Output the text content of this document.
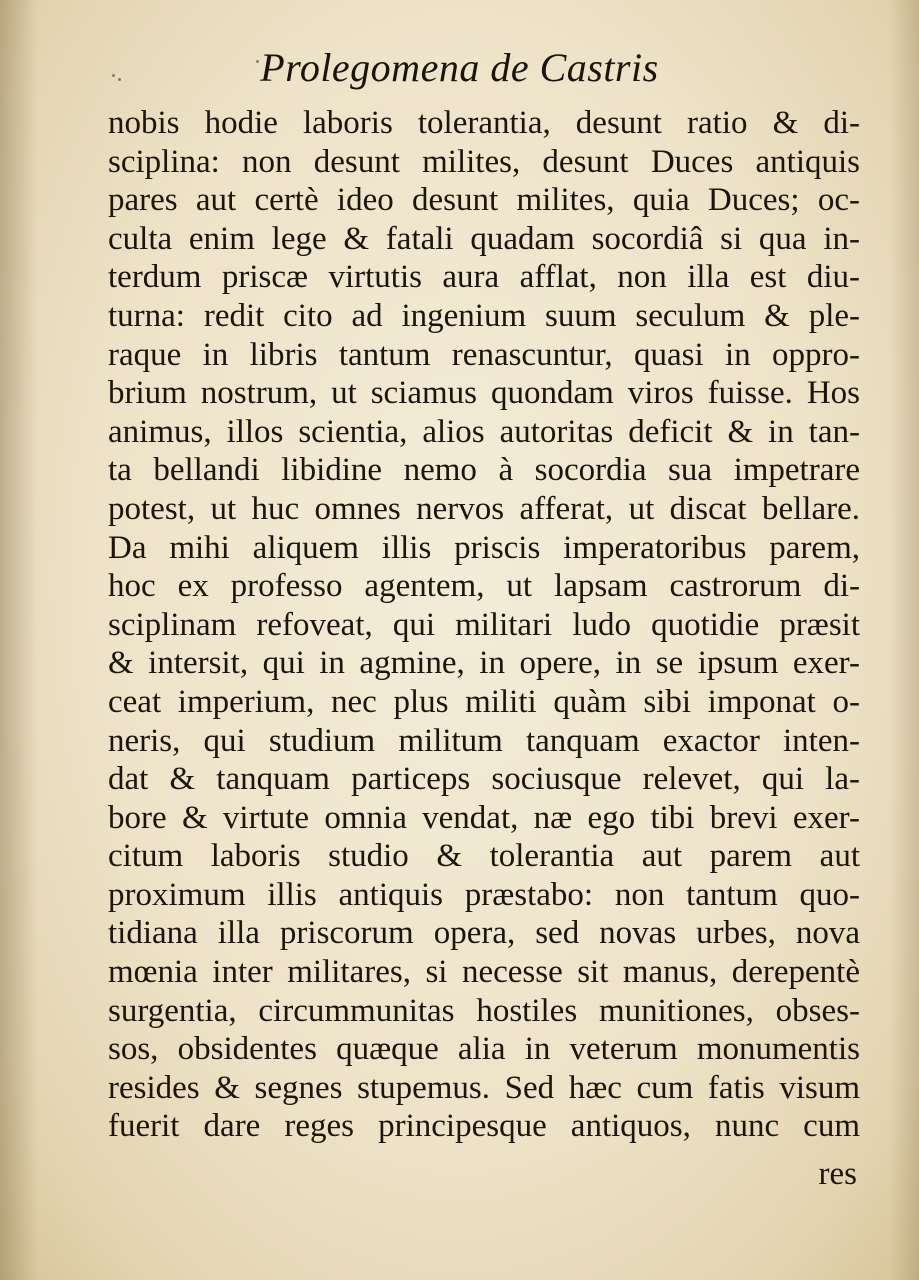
Prolegomena de Castris
nobis hodie laboris tolerantia, desunt ratio & di-
sciplina: non desunt milites, desunt Duces antiquis
pares aut certè ideo desunt milites, quia Duces; oc-
culta enim lege & fatali quadam socordiâ si qua in-
terdum priscæ virtutis aura afflat, non illa est diu-
turna: redit cito ad ingenium suum seculum & ple-
raque in libris tantum renascuntur, quasi in oppro-
brium nostrum, ut sciamus quondam viros fuisse. Hos
animus, illos scientia, alios autoritas deficit & in tan-
ta bellandi libidine nemo à socordia sua impetrare
potest, ut huc omnes nervos afferat, ut discat bellare.
Da mihi aliquem illis priscis imperatoribus parem,
hoc ex professo agentem, ut lapsam castrorum di-
sciplinam refoveat, qui militari ludo quotidie præsit
& intersit, qui in agmine, in opere, in se ipsum exer-
ceat imperium, nec plus militi quàm sibi imponat o-
neris, qui studium militum tanquam exactor inten-
dat & tanquam particeps sociusque relevet, qui la-
bore & virtute omnia vendat, næ ego tibi brevi exer-
citum laboris studio & tolerantia aut parem aut
proximum illis antiquis præstabo: non tantum quo-
tidiana illa priscorum opera, sed novas urbes, nova
mœnia inter militares, si necesse sit manus, derepentè
surgentia, circummunitas hostiles munitiones, obses-
sos, obsidentes quæque alia in veterum monumentis
resides & segnes stupemus. Sed hæc cum fatis visum
fuerit dare reges principesque antiquos, nunc cum
res
